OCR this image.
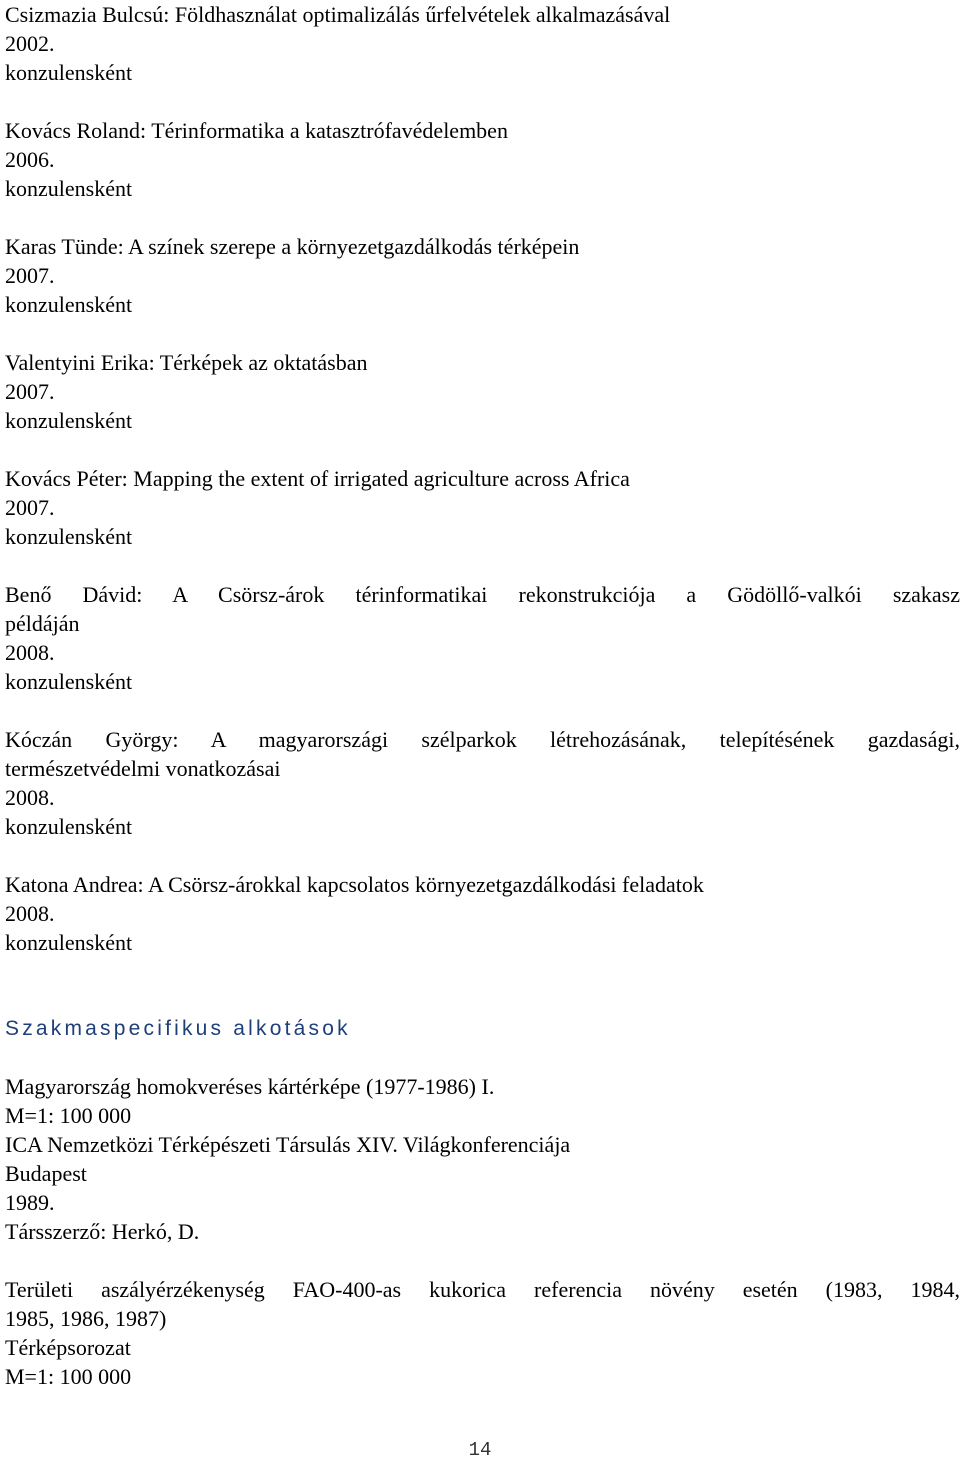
Csizmazia Bulcsú: Földhasználat optimalizálás űrfelvételek alkalmazásával
2002.
konzulensként
Kovács Roland: Térinformatika a katasztrófavédelemben
2006.
konzulensként
Karas Tünde: A színek szerepe a környezetgazdálkodás térképein
2007.
konzulensként
Valentyini Erika: Térképek az oktatásban
2007.
konzulensként
Kovács Péter: Mapping the extent of irrigated agriculture across Africa
2007.
konzulensként
Benő Dávid: A Csörsz-árok térinformatikai rekonstrukciója a Gödöllő-valkói szakasz
példáján
2008.
konzulensként
Kóczán György: A magyarországi szélparkok létrehozásának, telepítésének gazdasági,
természetvédelmi vonatkozásai
2008.
konzulensként
Katona Andrea: A Csörsz-árokkal kapcsolatos környezetgazdálkodási feladatok
2008.
konzulensként
Szakmaspecifikus alkotások
Magyarország homokveréses kártérképe (1977-1986) I.
M=1: 100 000
ICA Nemzetközi Térképészeti Társulás XIV. Világkonferenciája
Budapest
1989.
Társszerző: Herkó, D.
Területi aszályérzékenység FAO-400-as kukorica referencia növény esetén (1983, 1984,
1985, 1986, 1987)
Térképsorozat
M=1: 100 000
14
